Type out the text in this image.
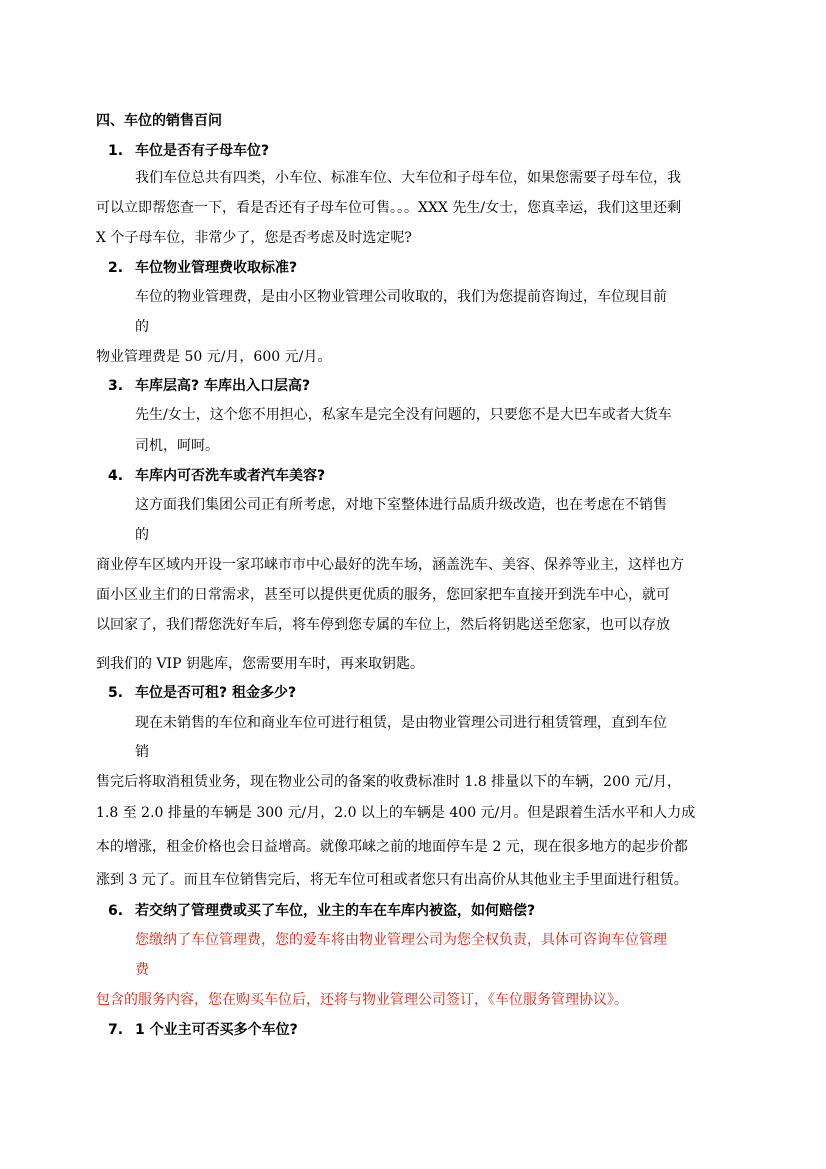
四、车位的销售百问
1. 车位是否有子母车位?
我们车位总共有四类，小车位、标准车位、大车位和子母车位，如果您需要子母车位，我
可以立即帮您查一下，看是否还有子母车位可售。。。XXX 先生/女士，您真幸运，我们这里还剩
X 个子母车位，非常少了，您是否考虑及时选定呢?
2. 车位物业管理费收取标准?
车位的物业管理费，是由小区物业管理公司收取的，我们为您提前咨询过，车位现目前
的
物业管理费是 50 元/月，600 元/月。
3. 车库层高? 车库出入口层高?
先生/女士，这个您不用担心，私家车是完全没有问题的，只要您不是大巴车或者大货车
司机，呵呵。
4. 车库内可否洗车或者汽车美容?
这方面我们集团公司正有所考虑，对地下室整体进行品质升级改造，也在考虑在不销售
的
商业停车区域内开设一家邛崃市市中心最好的洗车场，涵盖洗车、美容、保养等业主，这样也方
面小区业主们的日常需求，甚至可以提供更优质的服务，您回家把车直接开到洗车中心，就可
以回家了，我们帮您洗好车后，将车停到您专属的车位上，然后将钥匙送至您家，也可以存放
到我们的 VIP 钥匙库，您需要用车时，再来取钥匙。
5. 车位是否可租? 租金多少?
现在未销售的车位和商业车位可进行租赁，是由物业管理公司进行租赁管理，直到车位
销
售完后将取消租赁业务，现在物业公司的备案的收费标准时 1.8 排量以下的车辆，200 元/月，
1.8 至 2.0 排量的车辆是 300 元/月，2.0 以上的车辆是 400 元/月。但是跟着生活水平和人力成
本的增涨，租金价格也会日益增高。就像邛崃之前的地面停车是 2 元，现在很多地方的起步价都
涨到 3 元了。而且车位销售完后，将无车位可租或者您只有出高价从其他业主手里面进行租赁。
6. 若交纳了管理费或买了车位，业主的车在车库内被盗，如何赔偿?
您缴纳了车位管理费，您的爱车将由物业管理公司为您全权负责，具体可咨询车位管理
费
包含的服务内容，您在购买车位后，还将与物业管理公司签订，《车位服务管理协议》。
7. 1 个业主可否买多个车位?
